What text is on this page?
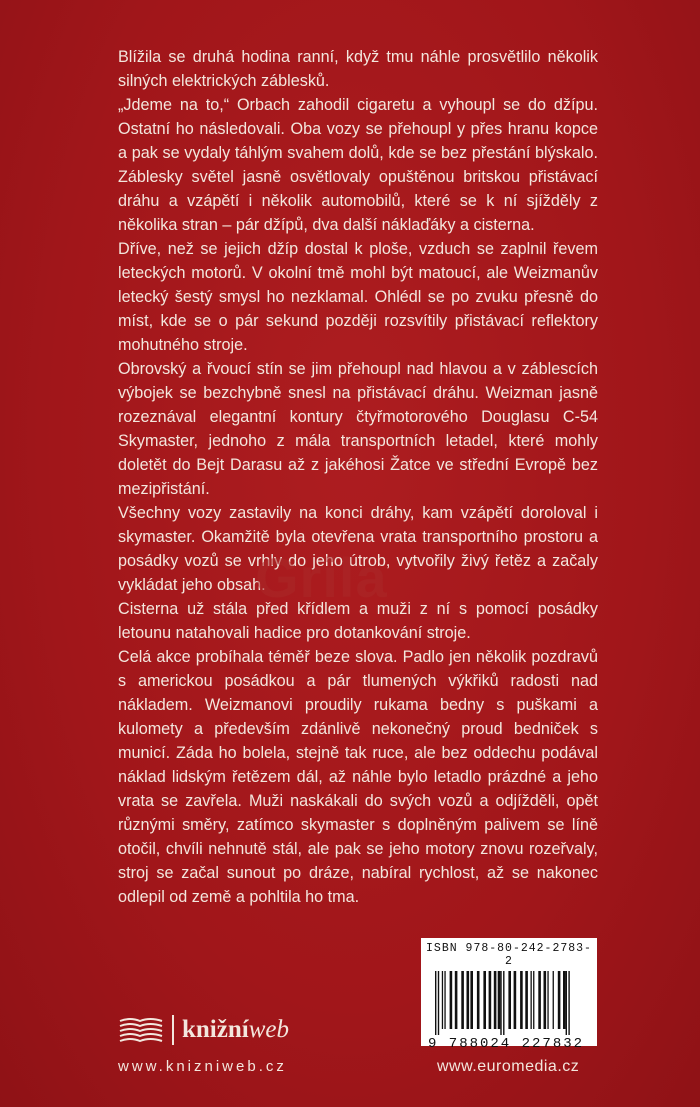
Blížila se druhá hodina ranní, když tmu náhle prosvětlilo několik silných elektrických záblesků.

„Jdeme na to,“ Orbach zahodil cigaretu a vyhoupl se do džípu. Ostatní ho následovali. Oba vozy se přehoupl y přes hranu kopce a pak se vydaly táhlým svahem dolů, kde se bez přestání blýskalo. Záblesky světel jasně osvětlovaly opuštěnou britskou přistávací dráhu a vzápětí i několik automobilů, které se k ní sjížděly z několika stran – pár džípů, dva další náklaďáky a cisterna.

Dříve, než se jejich džíp dostal k ploše, vzduch se zaplnil řevem leteckých motorů. V okolní tmě mohl být matoucí, ale Weizmanův letecký šestý smysl ho nezklamal. Ohlédl se po zvuku přesně do míst, kde se o pár sekund později rozsvítily přistávací reflektory mohutného stroje.

Obrovský a řvoucí stín se jim přehoupl nad hlavou a v záblescích výbojek se bezchybně snesl na přistávací dráhu. Weizman jasně rozeznával elegantní kontury čtyřmotorového Douglasu C-54 Skymaster, jednoho z mála transportních letadel, které mohly doletět do Bejt Darasu až z jakéhosi Žatce ve střední Evropě bez mezipřistání.

Všechny vozy zastavily na konci dráhy, kam vzápětí doroloval i skymaster. Okamžitě byla otevřena vrata transportního prostoru a posádky vozů se vrhly do jeho útrob, vytvořily živý řetěz a začaly vykládat jeho obsah.

Cisterna už stála před křídlem a muži z ní s pomocí posádky letounu natahovali hadice pro dotankování stroje.

Celá akce probíhala téměř beze slova. Padlo jen několik pozdravů s americkou posádkou a pár tlumených výkřiků radosti nad nákladem. Weizmanovi proudily rukama bedny s puškami a kulomety a především zdánlivě nekonečný proud bedniček s municí. Záda ho bolela, stejně tak ruce, ale bez oddechu podával náklad lidským řetězem dál, až náhle bylo letadlo prázdné a jeho vrata se zavřela. Muži naskákali do svých vozů a odjížděli, opět různými směry, zatímco skymaster s doplněným palivem se líně otočil, chvíli nehnutě stál, ale pak se jeho motory znovu rozeřvaly, stroj se začal sunout po dráze, nabíral rychlost, až se nakonec odlepil od země a pohltila ho tma.

Grila
knižníweb
www.knizniweb.cz
ISBN 978-80-242-2783-2
9 788024 227832
www.euromedia.cz
